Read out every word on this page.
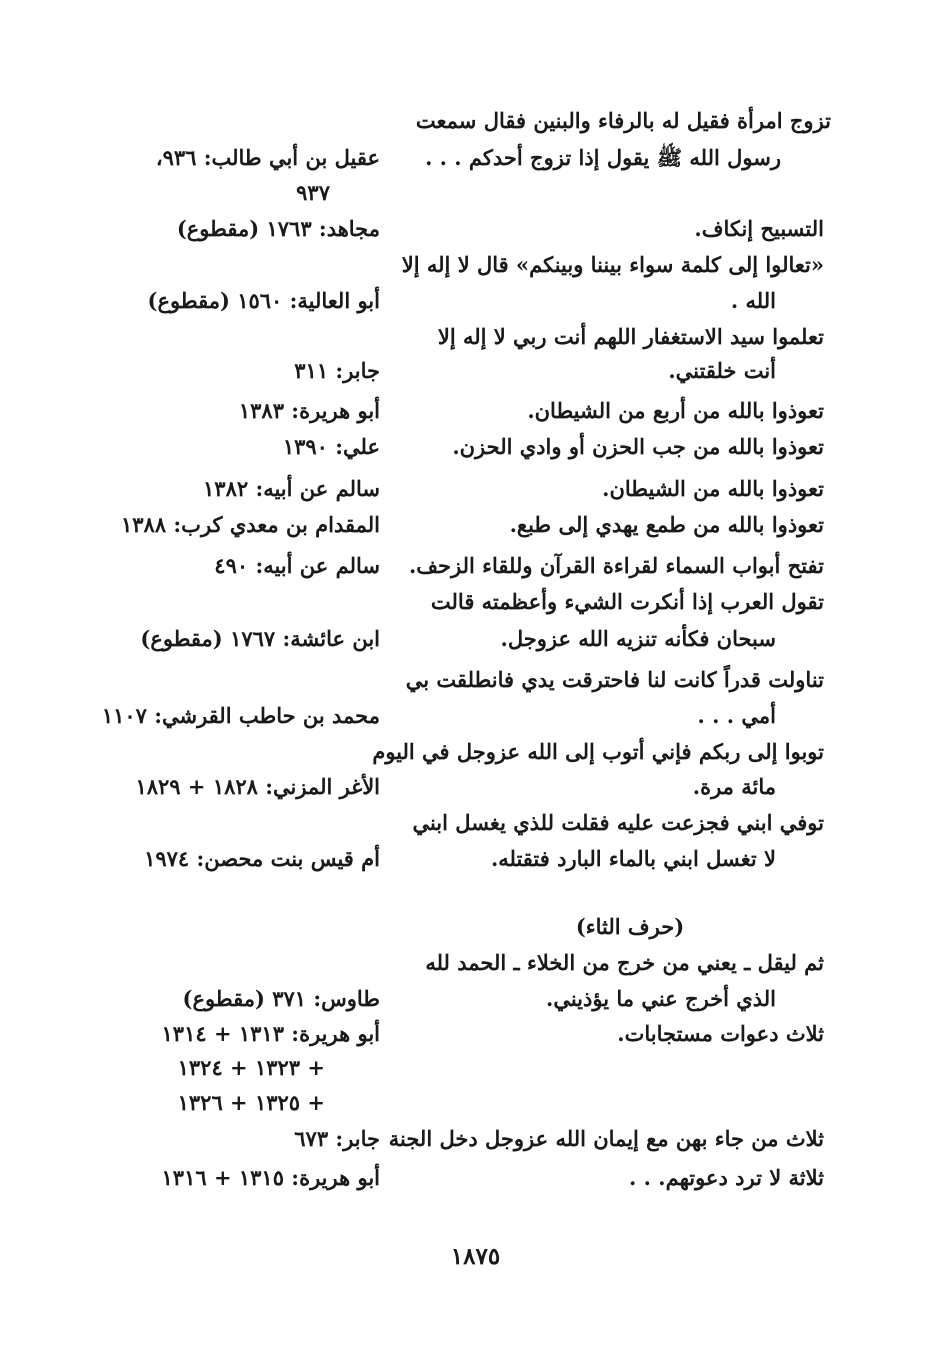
تزوج امرأة فقيل له بالرفاء والبنين فقال سمعت
رسول الله ﷺ يقول إذا تزوج أحدكم . . .
عقيل بن أبي طالب: ٩٣٦،
٩٣٧
التسبيح إنكاف.
مجاهد: ١٧٦٣ (مقطوع)
«تعالوا إلى كلمة سواء بيننا وبينكم» قال لا إله إلا
الله .
أبو العالية: ١٥٦٠ (مقطوع)
تعلموا سيد الاستغفار اللهم أنت ربي لا إله إلا
أنت خلقتني.
جابر: ٣١١
تعوذوا بالله من أربع من الشيطان.
أبو هريرة: ١٣٨٣
تعوذوا بالله من جب الحزن أو وادي الحزن.
علي: ١٣٩٠
تعوذوا بالله من الشيطان.
سالم عن أبيه: ١٣٨٢
تعوذوا بالله من طمع يهدي إلى طبع.
المقدام بن معدي كرب: ١٣٨٨
تفتح أبواب السماء لقراءة القرآن وللقاء الزحف.
سالم عن أبيه: ٤٩٠
تقول العرب إذا أنكرت الشيء وأعظمته قالت
سبحان فكأنه تنزيه الله عزوجل.
ابن عائشة: ١٧٦٧ (مقطوع)
تناولت قدراً كانت لنا فاحترقت يدي فانطلقت بي
أمي . . .
محمد بن حاطب القرشي: ١١٠٧
توبوا إلى ربكم فإني أتوب إلى الله عزوجل في اليوم
مائة مرة.
الأغر المزني: ١٨٢٨ + ١٨٢٩
توفي ابني فجزعت عليه فقلت للذي يغسل ابني
لا تغسل ابني بالماء البارد فتقتله.
أم قيس بنت محصن: ١٩٧٤
(حرف الثاء)
ثم ليقل ـ يعني من خرج من الخلاء ـ الحمد لله
الذي أخرج عني ما يؤذيني.
طاوس: ٣٧١ (مقطوع)
ثلاث دعوات مستجابات.
أبو هريرة: ١٣١٣ + ١٣١٤
+ ١٣٢٣ + ١٣٢٤
+ ١٣٢٥ + ١٣٢٦
ثلاث من جاء بهن مع إيمان الله عزوجل دخل الجنة
جابر: ٦٧٣
ثلاثة لا ترد دعوتهم. . .
أبو هريرة: ١٣١٥ + ١٣١٦
١٨٧٥
